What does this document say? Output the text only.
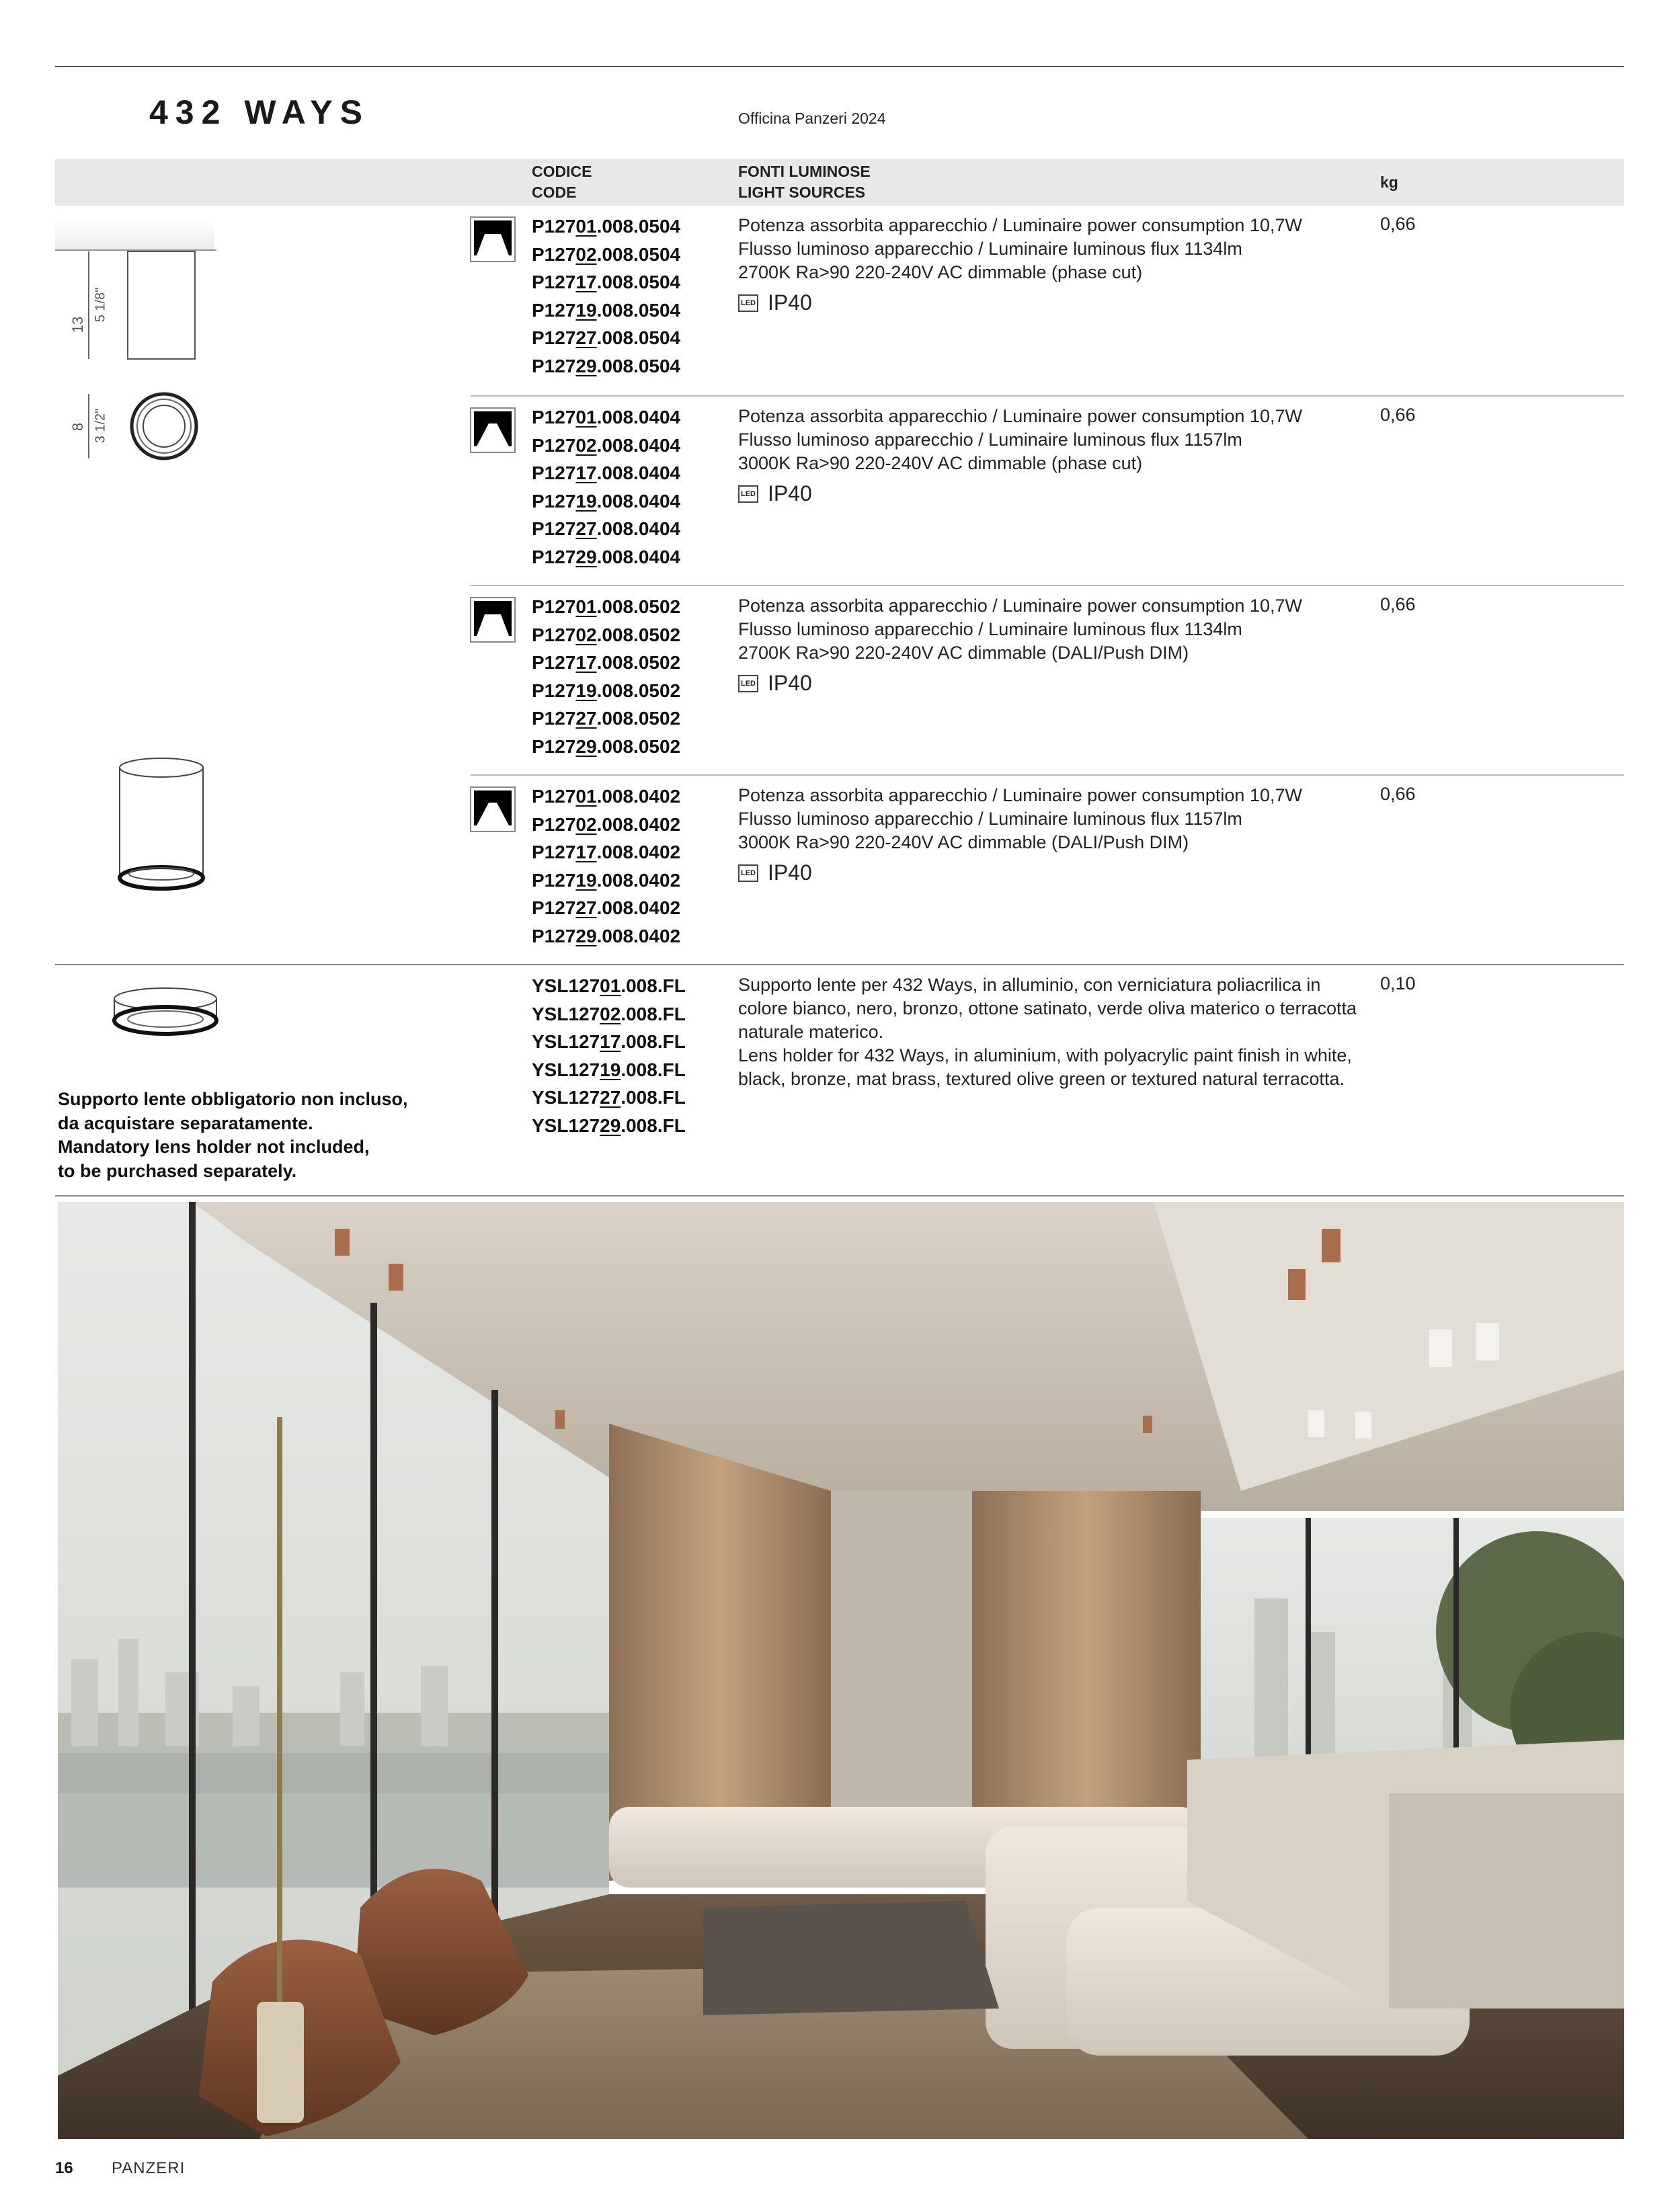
432 WAYS	Officina Panzeri 2024
CODICE
CODE
FONTI LUMINOSE
LIGHT SOURCES
kg
13
5 1/8"
8 3 1/2"
P12701.008.0504
P12702.008.0504
P12717.008.0504
P12719.008.0504
P12727.008.0504
P12729.008.0504
Potenza assorbita apparecchio / Luminaire power consumption 10,7W
Flusso luminoso apparecchio / Luminaire luminous flux 1134lm
2700K Ra>90 220-240V AC dimmable (phase cut)
LED IP40
0,66
P12701.008.0404
P12702.008.0404
P12717.008.0404
P12719.008.0404
P12727.008.0404
P12729.008.0404
Potenza assorbita apparecchio / Luminaire power consumption 10,7W
Flusso luminoso apparecchio / Luminaire luminous flux 1157lm
3000K Ra>90 220-240V AC dimmable (phase cut)
LED IP40
0,66
P12701.008.0502
P12702.008.0502
P12717.008.0502
P12719.008.0502
P12727.008.0502
P12729.008.0502
Potenza assorbita apparecchio / Luminaire power consumption 10,7W
Flusso luminoso apparecchio / Luminaire luminous flux 1134lm
2700K Ra>90 220-240V AC dimmable (DALI/Push DIM)
LED IP40
0,66
P12701.008.0402
P12702.008.0402
P12717.008.0402
P12719.008.0402
P12727.008.0402
P12729.008.0402
Potenza assorbita apparecchio / Luminaire power consumption 10,7W
Flusso luminoso apparecchio / Luminaire luminous flux 1157lm
3000K Ra>90 220-240V AC dimmable (DALI/Push DIM)
LED IP40
0,66
YSL12701.008.FL
YSL12702.008.FL
YSL12717.008.FL
YSL12719.008.FL
YSL12727.008.FL
YSL12729.008.FL
Supporto lente per 432 Ways, in alluminio, con verniciatura poliacrilica in
colore bianco, nero, bronzo, ottone satinato, verde oliva materico o terracotta
naturale materico.
Lens holder for 432 Ways, in aluminium, with polyacrylic paint finish in white,
black, bronze, mat brass, textured olive green or textured natural terracotta.
0,10
Supporto lente obbligatorio non incluso,
da acquistare separatamente.
Mandatory lens holder not included,
to be purchased separately.
16 PANZERI
